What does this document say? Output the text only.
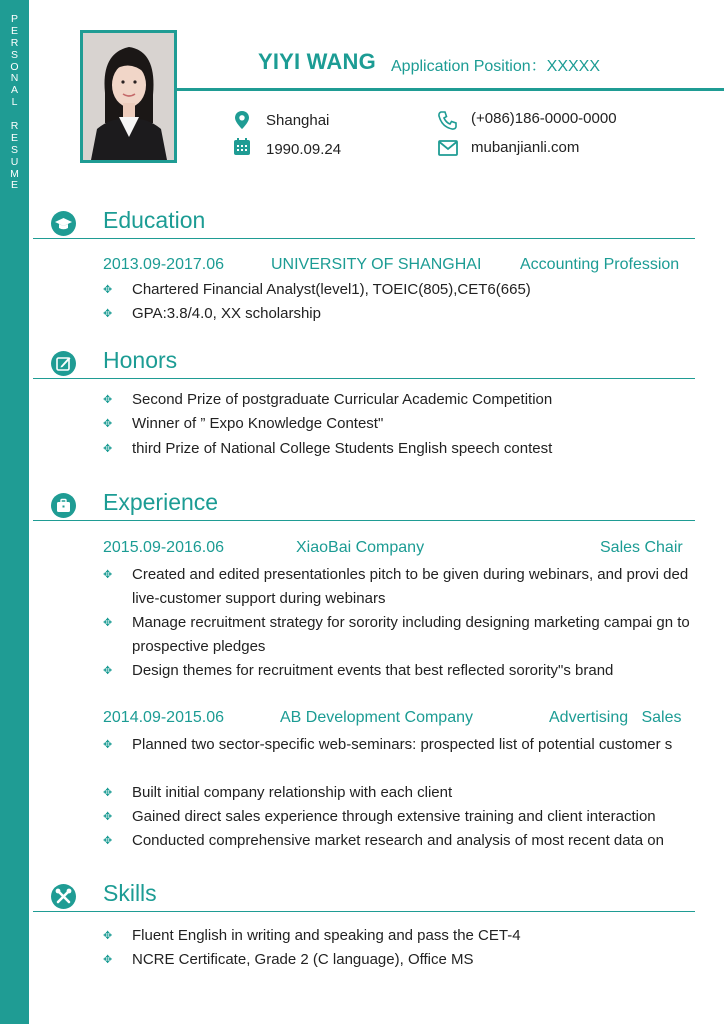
P
E
R
S
O
N
A
L
R
E
S
U
M
E
YIYI WANG Application Position：XXXXX
Shanghai
1990.09.24
(+086)186-0000-0000
mubanjianli.com
Education
2013.09-2017.06	UNIVERSITY OF SHANGHAI Accounting Profession
✥ Chartered Financial Analyst(level1), TOEIC(805),CET6(665)
✥ GPA:3.8/4.0, XX scholarship
Honors
✥ Second Prize of postgraduate Curricular Academic Competition
✥ Winner of ” Expo Knowledge Contest"
✥ third Prize of National College Students English speech contest
Experience
2015.09-2016.06	XiaoBai Company	Sales Chair
✥ Created and edited presentationles pitch to be given during webinars, and provi ded live-customer support during webinars
✥ Manage recruitment strategy for sorority including designing marketing campai gn to prospective pledges
✥ Design themes for recruitment events that best reflected sorority"s brand
2014.09-2015.06	AB Development Company	Advertising   Sales
✥ Planned two sector-specific web-seminars: prospected list of potential customer s
✥ Built initial company relationship with each client
✥ Gained direct sales experience through extensive training and client interaction
✥ Conducted comprehensive market research and analysis of most recent data on
Skills
✥ Fluent English in writing and speaking and pass the CET-4
✥ NCRE Certificate, Grade 2 (C language), Office MS
